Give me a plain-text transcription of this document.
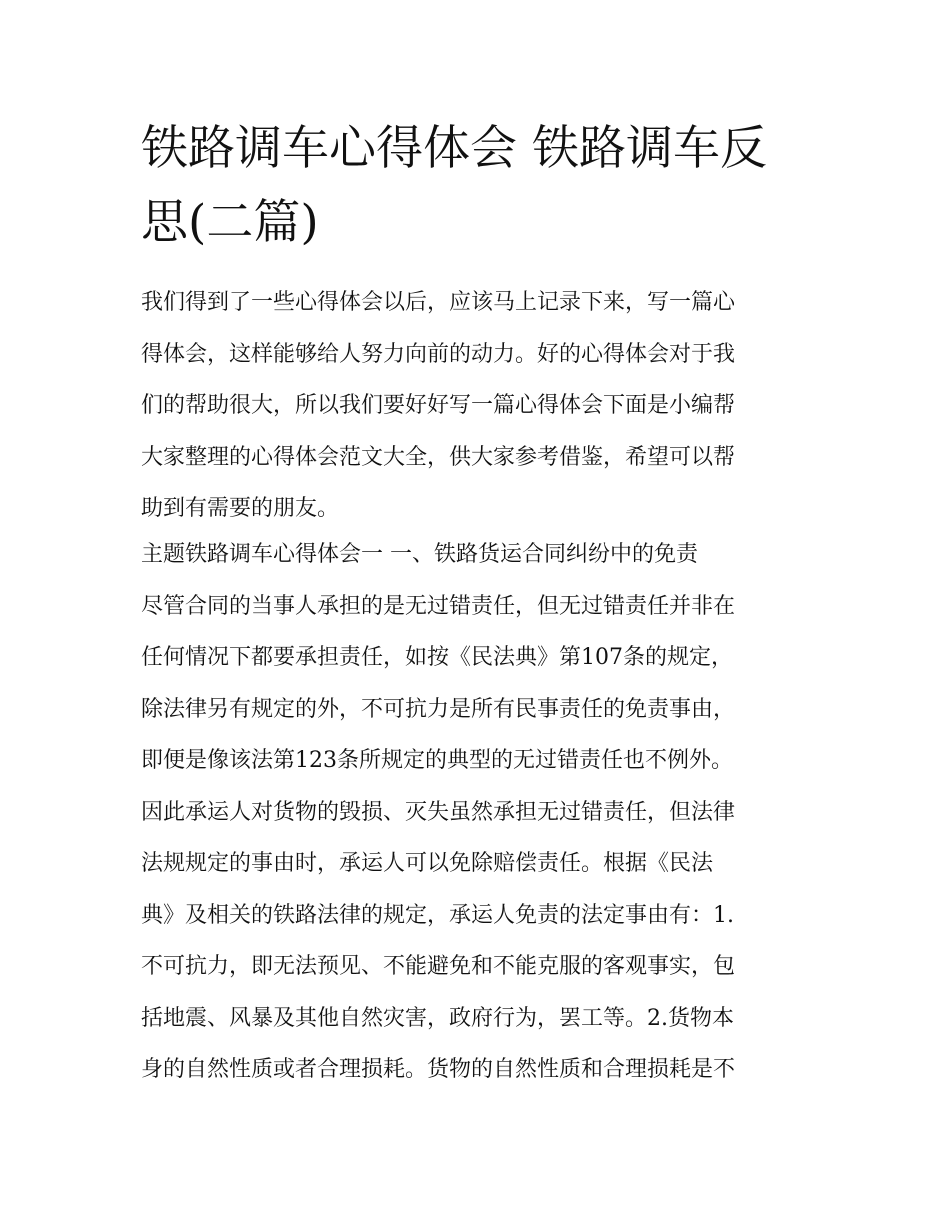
铁路调车心得体会 铁路调车反
思(二篇)

我们得到了一些心得体会以后，应该马上记录下来，写一篇心
得体会，这样能够给人努力向前的动力。好的心得体会对于我
们的帮助很大，所以我们要好好写一篇心得体会下面是小编帮
大家整理的心得体会范文大全，供大家参考借鉴，希望可以帮
助到有需要的朋友。

主题铁路调车心得体会一 一、铁路货运合同纠纷中的免责
尽管合同的当事人承担的是无过错责任，但无过错责任并非在
任何情况下都要承担责任，如按《民法典》第107条的规定，
除法律另有规定的外，不可抗力是所有民事责任的免责事由，
即便是像该法第123条所规定的典型的无过错责任也不例外。
因此承运人对货物的毁损、灭失虽然承担无过错责任，但法律
法规规定的事由时，承运人可以免除赔偿责任。根据《民法
典》及相关的铁路法律的规定，承运人免责的法定事由有：1.
不可抗力，即无法预见、不能避免和不能克服的客观事实，包
括地震、风暴及其他自然灾害，政府行为，罢工等。2.货物本
身的自然性质或者合理损耗。货物的自然性质和合理损耗是不
